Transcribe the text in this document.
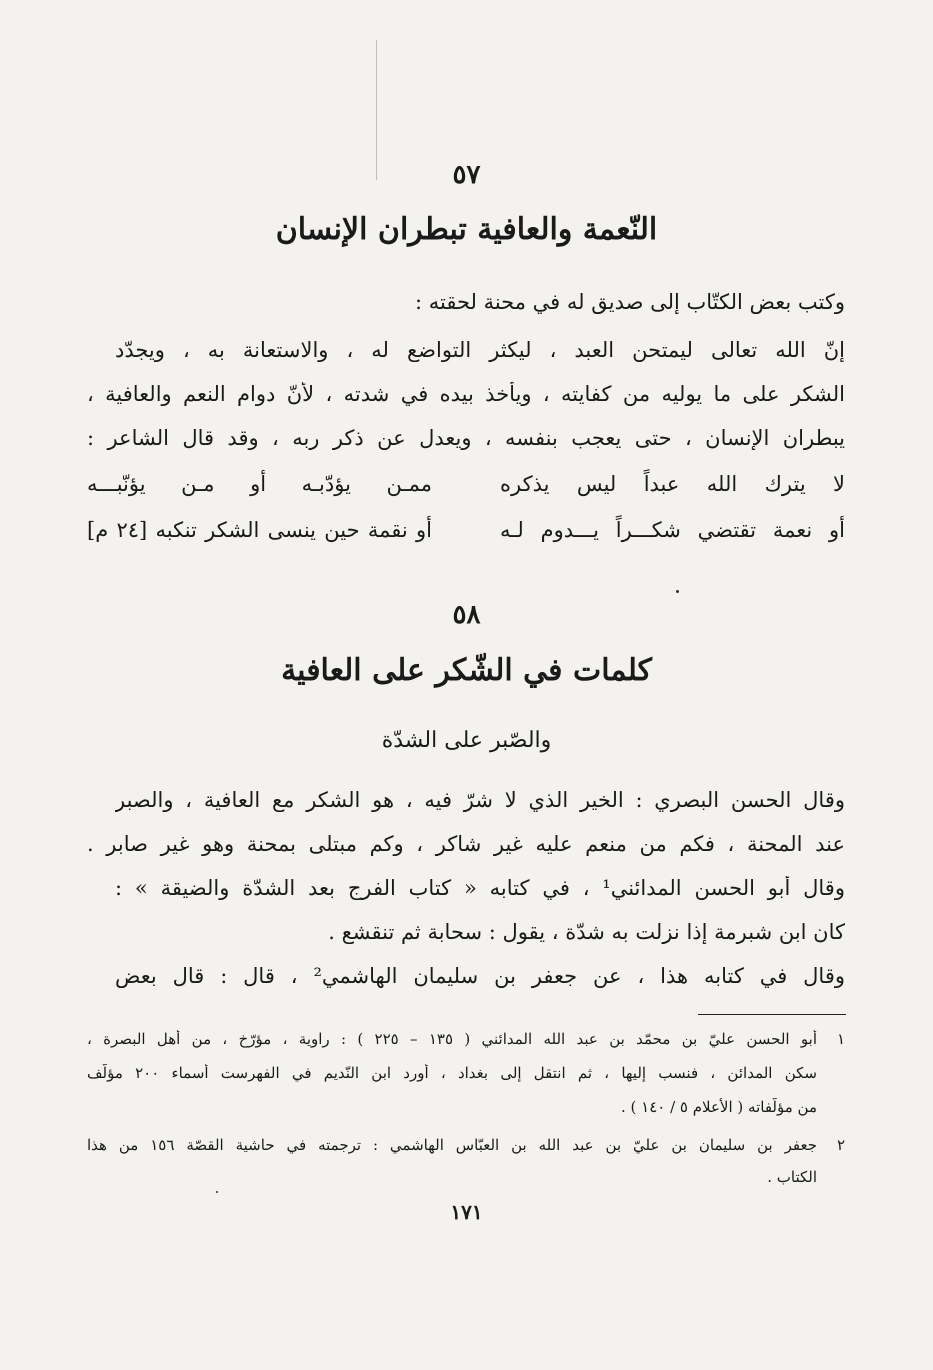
٥٧
النّعمة والعافية تبطران الإنسان
وكتب بعض الكتّاب إلى صديق له في محنة لحقته :
إنّ الله تعالى ليمتحن العبد ، ليكثر التواضع له ، والاستعانة به ، ويجدّد
الشكر على ما يوليه من كفايته ، ويأخذ بيده في شدته ، لأنّ دوام النعم والعافية ،
يبطران الإنسان ، حتى يعجب بنفسه ، ويعدل عن ذكر ربه ، وقد قال الشاعر :
لا يترك الله عبداً ليس يذكره
ممـن يؤدّبـه أو مـن يؤنّبـــه
أو نعمة تقتضي شكـــراً يـــدوم لـه
أو نقمة حين ينسى الشكر تنكبه [٢٤ م]
٥٨
كلمات في الشّكر على العافية
والصّبر على الشدّة
وقال الحسن البصري : الخير الذي لا شرّ فيه ، هو الشكر مع العافية ، والصبر
عند المحنة ، فكم من منعم عليه غير شاكر ، وكم مبتلى بمحنة وهو غير صابر .
وقال أبو الحسن المدائني¹ ، في كتابه « كتاب الفرج بعد الشدّة والضيقة » :
كان ابن شبرمة إذا نزلت به شدّة ، يقول : سحابة ثم تنقشع .
وقال في كتابه هذا ، عن جعفر بن سليمان الهاشمي² ، قال : قال بعض
١
أبو الحسن عليّ بن محمّد بن عبد الله المدائني ( ١٣٥ – ٢٢٥ ) : راوية ، مؤرّخ ، من أهل البصرة ،
سكن المدائن ، فنسب إليها ، ثم انتقل إلى بغداد ، أورد ابن النّديم في الفهرست أسماء ٢٠٠ مؤلّف
من مؤلّفاته ( الأعلام ٥ / ١٤٠ ) .
٢
جعفر بن سليمان بن عليّ بن عبد الله بن العبّاس الهاشمي : ترجمته في حاشية القصّة ١٥٦ من هذا
الكتاب .
١٧١
